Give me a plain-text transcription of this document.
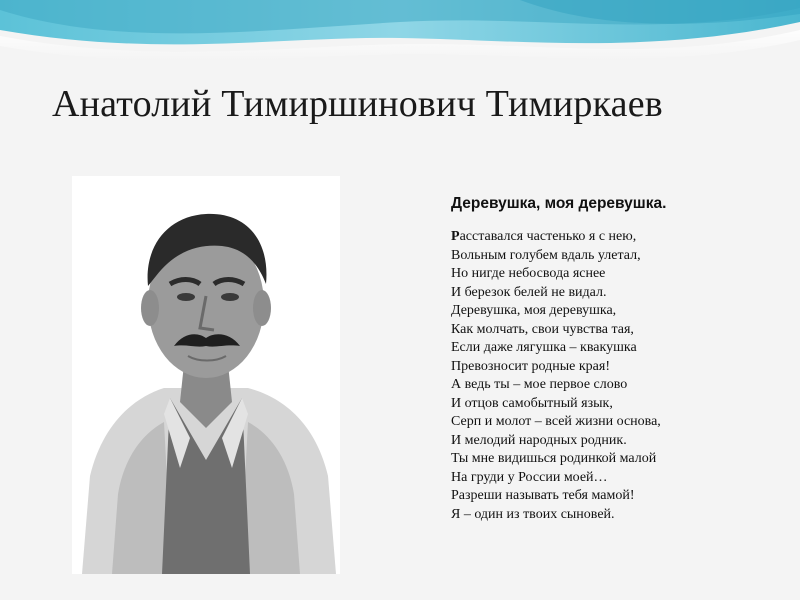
Анатолий Тимиршинович Тимиркаев
Деревушка, моя деревушка.
Расставался частенько я с нею,
Вольным голубем вдаль улетал,
Но нигде небосвода яснее
И березок белей не видал.
Деревушка, моя деревушка,
Как молчать, свои чувства тая,
Если даже лягушка – квакушка
Превозносит родные края!
А ведь ты – мое первое слово
И отцов самобытный язык,
Серп и молот – всей жизни основа,
И мелодий народных родник.
Ты мне видишься родинкой малой
На груди у России моей…
Разреши называть тебя мамой!
Я – один из твоих сыновей.
